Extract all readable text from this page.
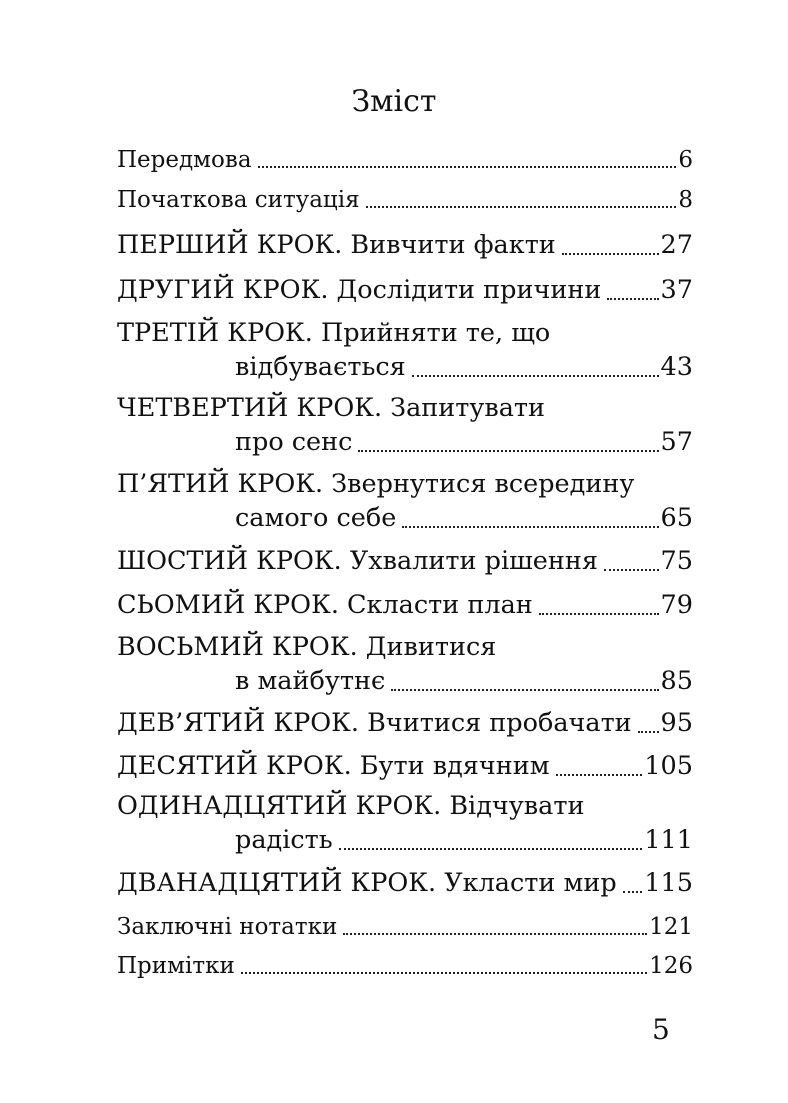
Зміст
Передмова	6
Початкова ситуація	8
ПЕРШИЙ КРОК. Вивчити факти	27
ДРУГИЙ КРОК. Дослідити причини 37
ТРЕТІЙ КРОК. Прийняти те, що
відбувається	43
ЧЕТВЕРТИЙ КРОК. Запитувати
про сенс	57
П’ЯТИЙ КРОК. Звернутися всередину
самого себе	65
ШОСТИЙ КРОК. Ухвалити рішення 75
СЬОМИЙ КРОК. Скласти план	79
ВОСЬМИЙ КРОК. Дивитися
в майбутнє	85
ДЕВ’ЯТИЙ КРОК. Вчитися пробачати 95
ДЕСЯТИЙ КРОК. Бути вдячним	105
ОДИНАДЦЯТИЙ КРОК. Відчувати
радість	111
ДВАНАДЦЯТИЙ КРОК. Укласти мир 115
Заключні нотатки	121
Примітки	126
5
